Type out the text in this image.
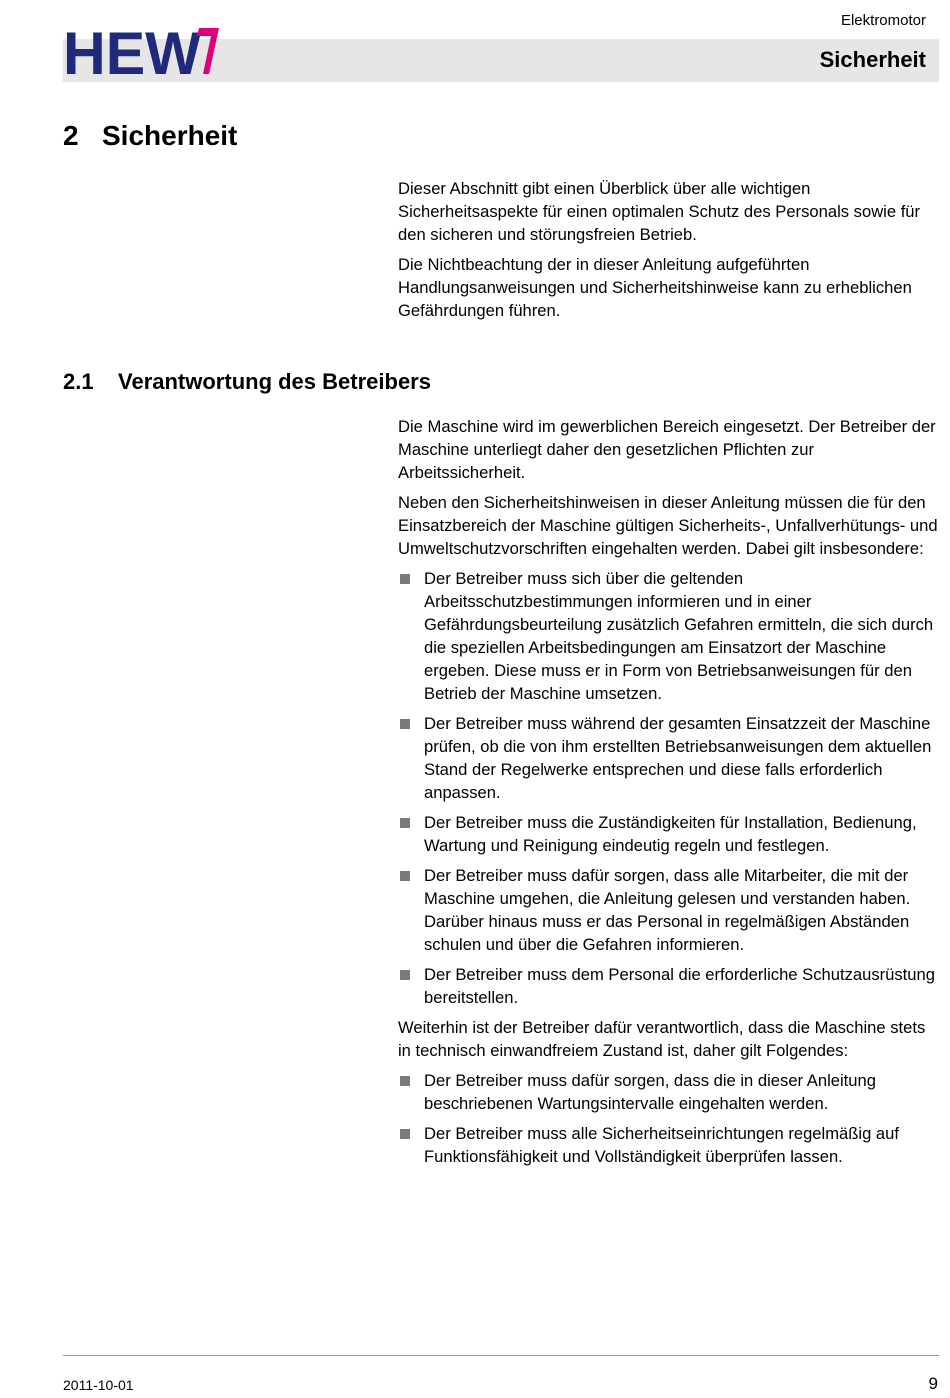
HEW	Elektromotor
Sicherheit
2 Sicherheit

Dieser Abschnitt gibt einen Überblick über alle wichtigen Sicherheitsaspekte für einen optimalen Schutz des Personals sowie für den sicheren und störungsfreien Betrieb.

Die Nichtbeachtung der in dieser Anleitung aufgeführten Handlungsanweisungen und Sicherheitshinweise kann zu erheblichen Gefährdungen führen.

2.1 Verantwortung des Betreibers

Die Maschine wird im gewerblichen Bereich eingesetzt. Der Betreiber der Maschine unterliegt daher den gesetzlichen Pflichten zur Arbeitssicherheit.

Neben den Sicherheitshinweisen in dieser Anleitung müssen die für den Einsatzbereich der Maschine gültigen Sicherheits-, Unfallverhütungs- und Umweltschutzvorschriften eingehalten werden. Dabei gilt insbesondere:

Der Betreiber muss sich über die geltenden Arbeitsschutzbestimmungen informieren und in einer Gefährdungsbeurteilung zusätzlich Gefahren ermitteln, die sich durch die speziellen Arbeitsbedingungen am Einsatzort der Maschine ergeben. Diese muss er in Form von Betriebsanweisungen für den Betrieb der Maschine umsetzen.
Der Betreiber muss während der gesamten Einsatzzeit der Maschine prüfen, ob die von ihm erstellten Betriebsanweisungen dem aktuellen Stand der Regelwerke entsprechen und diese falls erforderlich anpassen.
Der Betreiber muss die Zuständigkeiten für Installation, Bedienung, Wartung und Reinigung eindeutig regeln und festlegen.
Der Betreiber muss dafür sorgen, dass alle Mitarbeiter, die mit der Maschine umgehen, die Anleitung gelesen und verstanden haben.
Darüber hinaus muss er das Personal in regelmäßigen Abständen schulen und über die Gefahren informieren.
Der Betreiber muss dem Personal die erforderliche Schutzausrüstung bereitstellen.

Weiterhin ist der Betreiber dafür verantwortlich, dass die Maschine stets in technisch einwandfreiem Zustand ist, daher gilt Folgendes:

Der Betreiber muss dafür sorgen, dass die in dieser Anleitung beschriebenen Wartungsintervalle eingehalten werden.
Der Betreiber muss alle Sicherheitseinrichtungen regelmäßig auf Funktionsfähigkeit und Vollständigkeit überprüfen lassen.
2011-10-01	9
